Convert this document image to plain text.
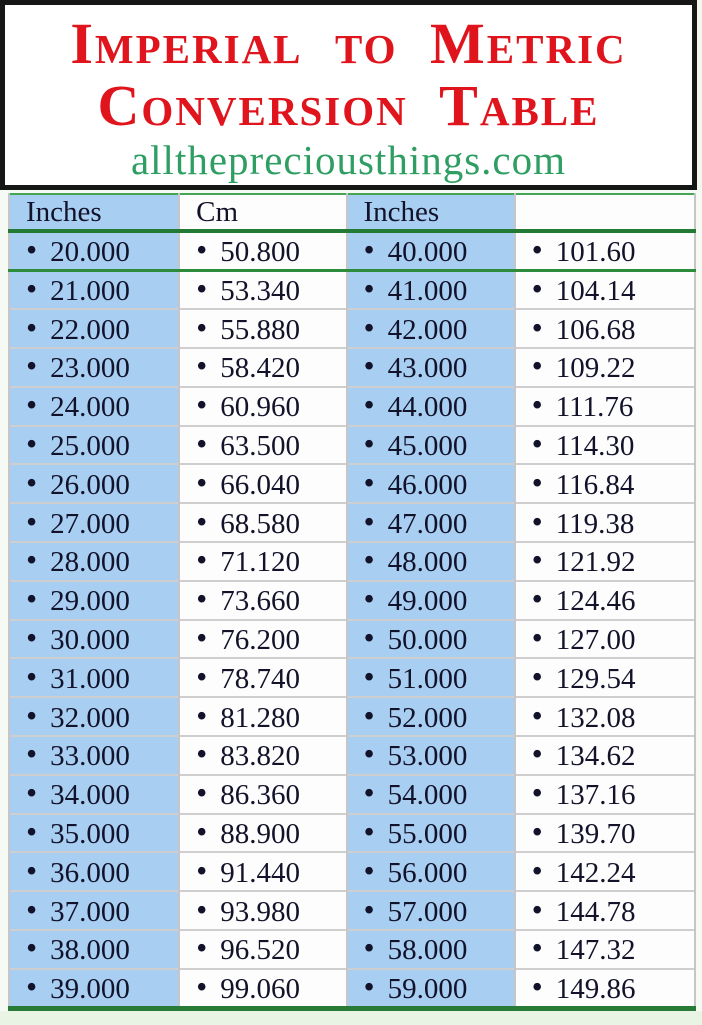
Imperial to Metric

Conversion Table

allthepreciousthings.com

Inches	Cm	Inches	
• 20.000	• 50.800	• 40.000	• 101.60
• 21.000	• 53.340	• 41.000	• 104.14
• 22.000	• 55.880	• 42.000	• 106.68
• 23.000	• 58.420	• 43.000	• 109.22
• 24.000	• 60.960	• 44.000	• 111.76
• 25.000	• 63.500	• 45.000	• 114.30
• 26.000	• 66.040	• 46.000	• 116.84
• 27.000	• 68.580	• 47.000	• 119.38
• 28.000	• 71.120	• 48.000	• 121.92
• 29.000	• 73.660	• 49.000	• 124.46
• 30.000	• 76.200	• 50.000	• 127.00
• 31.000	• 78.740	• 51.000	• 129.54
• 32.000	• 81.280	• 52.000	• 132.08
• 33.000	• 83.820	• 53.000	• 134.62
• 34.000	• 86.360	• 54.000	• 137.16
• 35.000	• 88.900	• 55.000	• 139.70
• 36.000	• 91.440	• 56.000	• 142.24
• 37.000	• 93.980	• 57.000	• 144.78
• 38.000	• 96.520	• 58.000	• 147.32
• 39.000	• 99.060	• 59.000	• 149.86
